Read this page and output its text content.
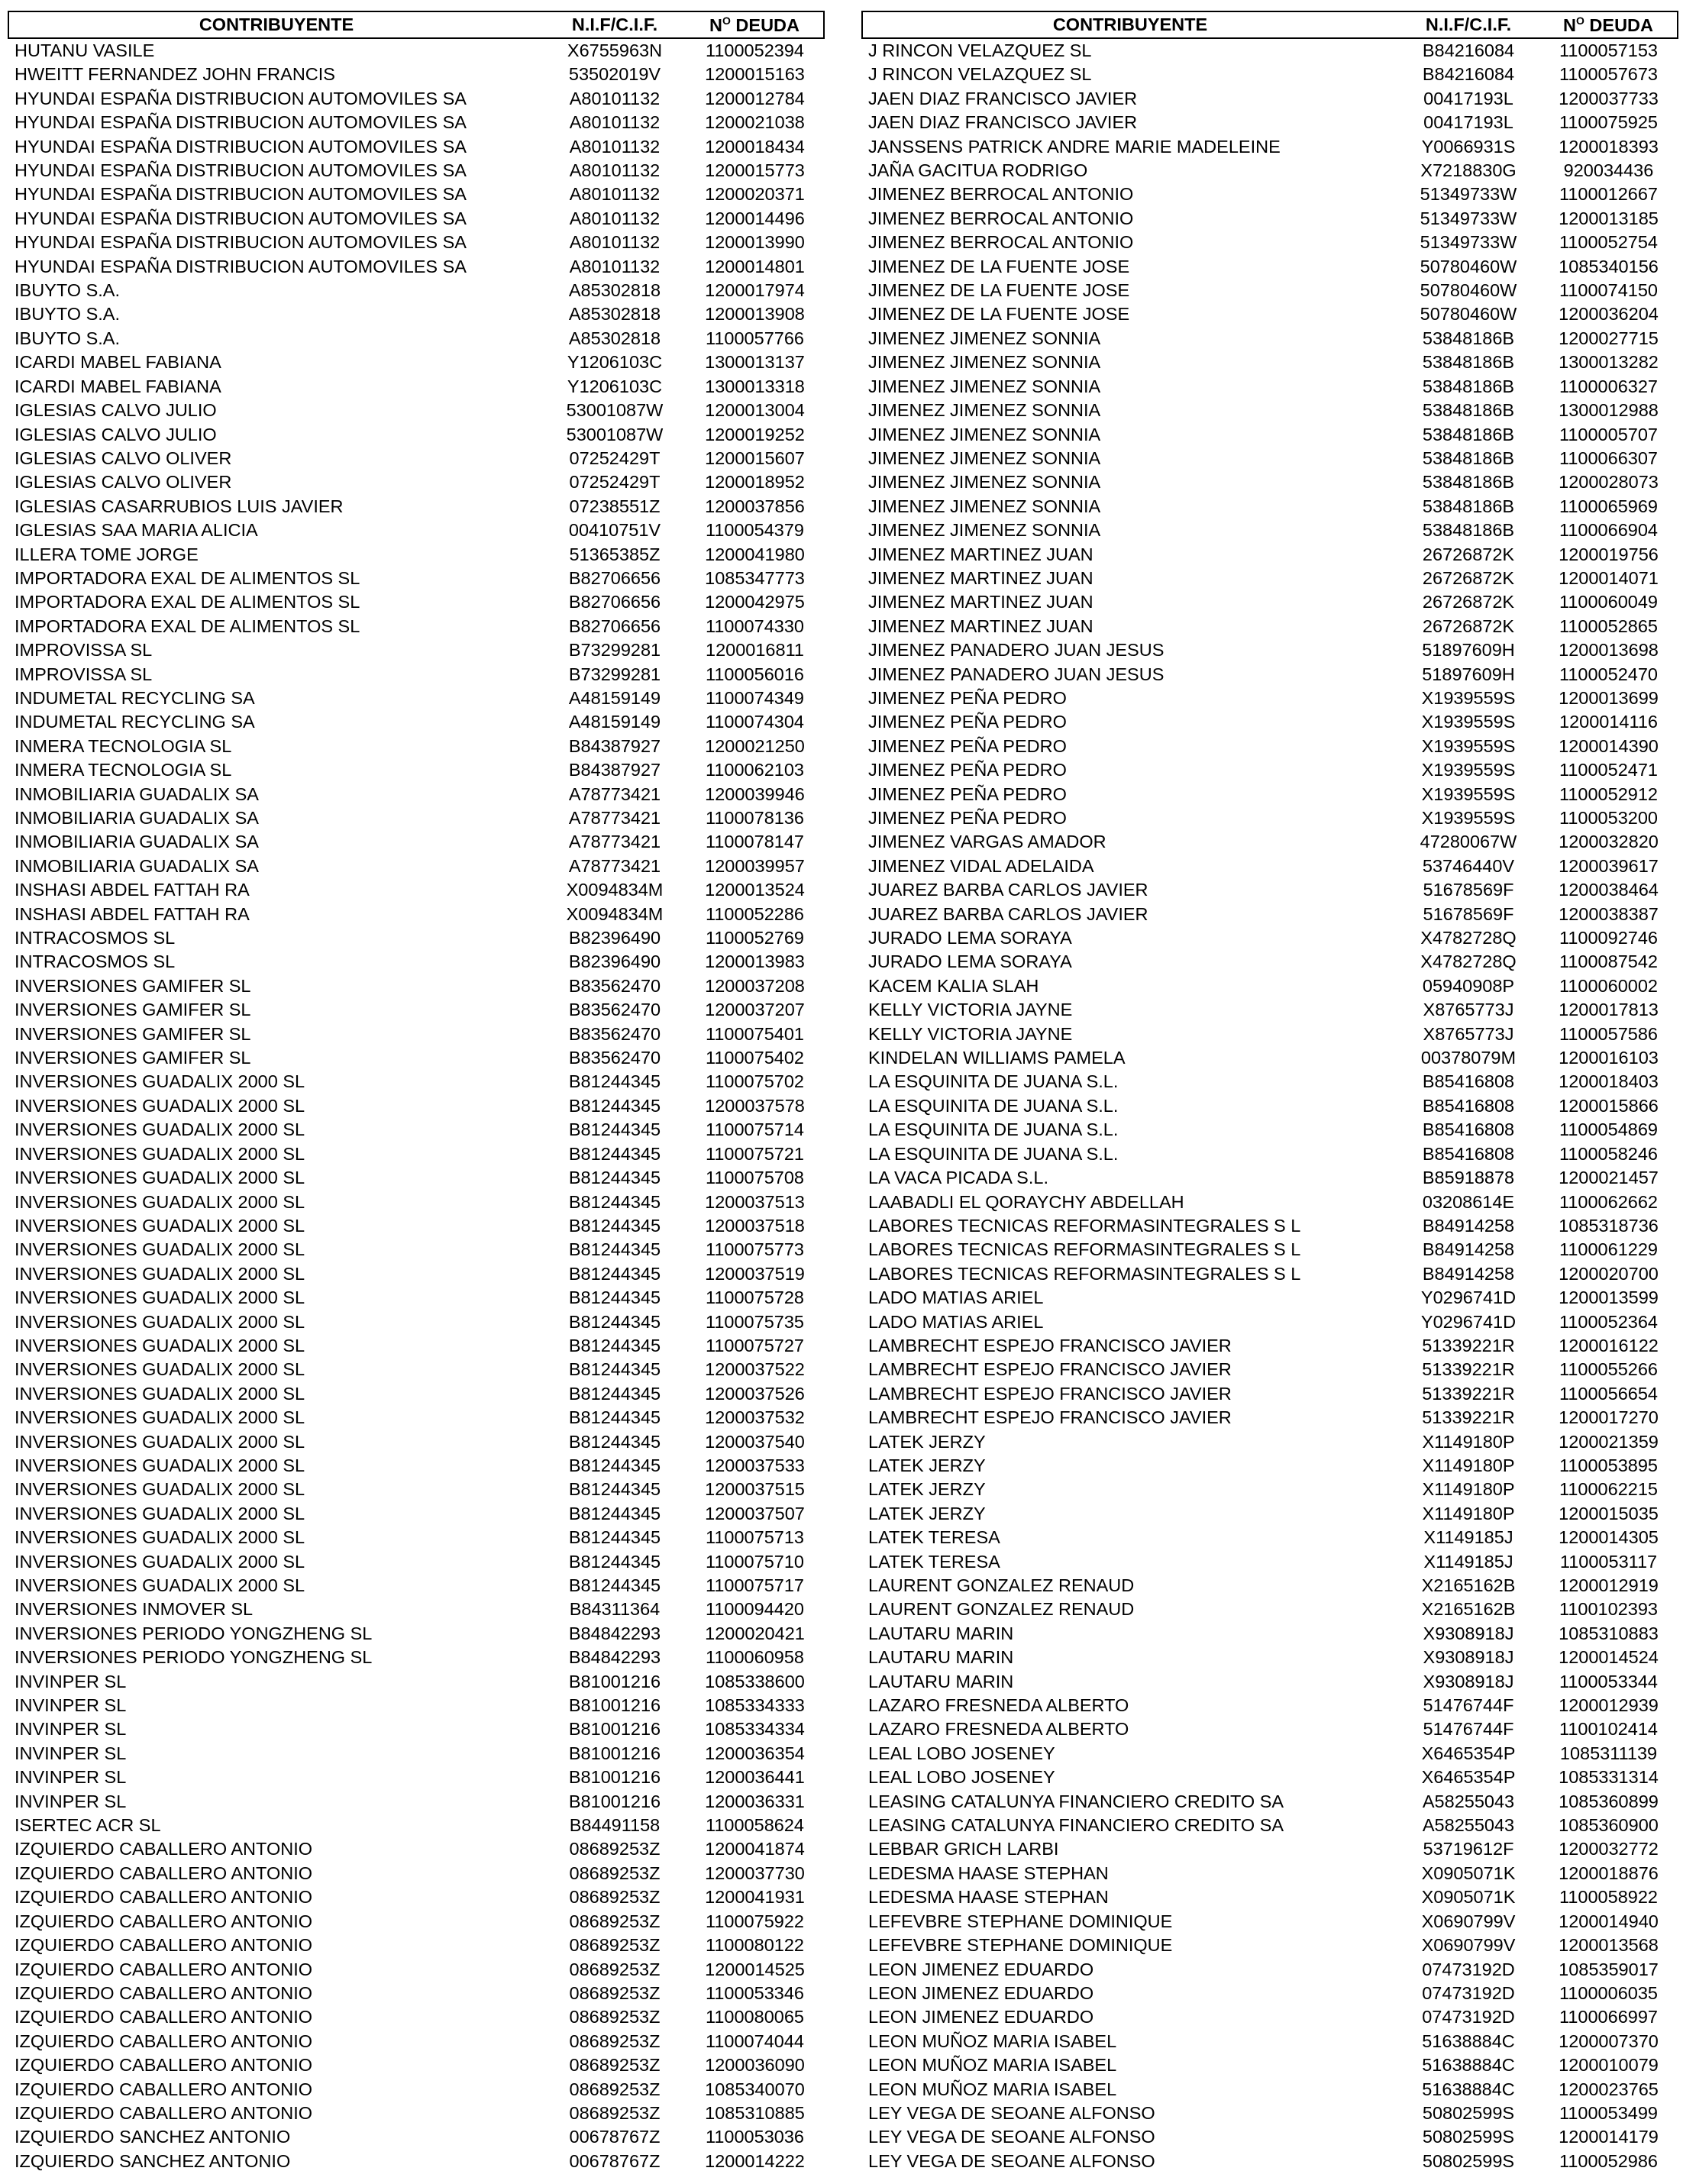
CONTRIBUYENTE	N.I.F/C.I.F.	$N^O$ DEUDA
HUTANU VASILE	X6755963N	1100052394
HWEITT FERNANDEZ JOHN FRANCIS	53502019V	1200015163
HYUNDAI ESPAÑA DISTRIBUCION AUTOMOVILES SA	A80101132	1200012784
HYUNDAI ESPAÑA DISTRIBUCION AUTOMOVILES SA	A80101132	1200021038
HYUNDAI ESPAÑA DISTRIBUCION AUTOMOVILES SA	A80101132	1200018434
HYUNDAI ESPAÑA DISTRIBUCION AUTOMOVILES SA	A80101132	1200015773
HYUNDAI ESPAÑA DISTRIBUCION AUTOMOVILES SA	A80101132	1200020371
HYUNDAI ESPAÑA DISTRIBUCION AUTOMOVILES SA	A80101132	1200014496
HYUNDAI ESPAÑA DISTRIBUCION AUTOMOVILES SA	A80101132	1200013990
HYUNDAI ESPAÑA DISTRIBUCION AUTOMOVILES SA	A80101132	1200014801
IBUYTO S.A.	A85302818	1200017974
IBUYTO S.A.	A85302818	1200013908
IBUYTO S.A.	A85302818	1100057766
ICARDI MABEL FABIANA	Y1206103C	1300013137
ICARDI MABEL FABIANA	Y1206103C	1300013318
IGLESIAS CALVO JULIO	53001087W	1200013004
IGLESIAS CALVO JULIO	53001087W	1200019252
IGLESIAS CALVO OLIVER	07252429T	1200015607
IGLESIAS CALVO OLIVER	07252429T	1200018952
IGLESIAS CASARRUBIOS LUIS JAVIER	07238551Z	1200037856
IGLESIAS SAA MARIA ALICIA	00410751V	1100054379
ILLERA TOME JORGE	51365385Z	1200041980
IMPORTADORA EXAL DE ALIMENTOS SL	B82706656	1085347773
IMPORTADORA EXAL DE ALIMENTOS SL	B82706656	1200042975
IMPORTADORA EXAL DE ALIMENTOS SL	B82706656	1100074330
IMPROVISSA SL	B73299281	1200016811
IMPROVISSA SL	B73299281	1100056016
INDUMETAL RECYCLING SA	A48159149	1100074349
INDUMETAL RECYCLING SA	A48159149	1100074304
INMERA TECNOLOGIA SL	B84387927	1200021250
INMERA TECNOLOGIA SL	B84387927	1100062103
INMOBILIARIA GUADALIX SA	A78773421	1200039946
INMOBILIARIA GUADALIX SA	A78773421	1100078136
INMOBILIARIA GUADALIX SA	A78773421	1100078147
INMOBILIARIA GUADALIX SA	A78773421	1200039957
INSHASI ABDEL FATTAH RA	X0094834M	1200013524
INSHASI ABDEL FATTAH RA	X0094834M	1100052286
INTRACOSMOS SL	B82396490	1100052769
INTRACOSMOS SL	B82396490	1200013983
INVERSIONES GAMIFER SL	B83562470	1200037208
INVERSIONES GAMIFER SL	B83562470	1200037207
INVERSIONES GAMIFER SL	B83562470	1100075401
INVERSIONES GAMIFER SL	B83562470	1100075402
INVERSIONES GUADALIX 2000 SL	B81244345	1100075702
INVERSIONES GUADALIX 2000 SL	B81244345	1200037578
INVERSIONES GUADALIX 2000 SL	B81244345	1100075714
INVERSIONES GUADALIX 2000 SL	B81244345	1100075721
INVERSIONES GUADALIX 2000 SL	B81244345	1100075708
INVERSIONES GUADALIX 2000 SL	B81244345	1200037513
INVERSIONES GUADALIX 2000 SL	B81244345	1200037518
INVERSIONES GUADALIX 2000 SL	B81244345	1100075773
INVERSIONES GUADALIX 2000 SL	B81244345	1200037519
INVERSIONES GUADALIX 2000 SL	B81244345	1100075728
INVERSIONES GUADALIX 2000 SL	B81244345	1100075735
INVERSIONES GUADALIX 2000 SL	B81244345	1100075727
INVERSIONES GUADALIX 2000 SL	B81244345	1200037522
INVERSIONES GUADALIX 2000 SL	B81244345	1200037526
INVERSIONES GUADALIX 2000 SL	B81244345	1200037532
INVERSIONES GUADALIX 2000 SL	B81244345	1200037540
INVERSIONES GUADALIX 2000 SL	B81244345	1200037533
INVERSIONES GUADALIX 2000 SL	B81244345	1200037515
INVERSIONES GUADALIX 2000 SL	B81244345	1200037507
INVERSIONES GUADALIX 2000 SL	B81244345	1100075713
INVERSIONES GUADALIX 2000 SL	B81244345	1100075710
INVERSIONES GUADALIX 2000 SL	B81244345	1100075717
INVERSIONES INMOVER SL	B84311364	1100094420
INVERSIONES PERIODO YONGZHENG SL	B84842293	1200020421
INVERSIONES PERIODO YONGZHENG SL	B84842293	1100060958
INVINPER SL	B81001216	1085338600
INVINPER SL	B81001216	1085334333
INVINPER SL	B81001216	1085334334
INVINPER SL	B81001216	1200036354
INVINPER SL	B81001216	1200036441
INVINPER SL	B81001216	1200036331
ISERTEC ACR SL	B84491158	1100058624
IZQUIERDO CABALLERO ANTONIO	08689253Z	1200041874
IZQUIERDO CABALLERO ANTONIO	08689253Z	1200037730
IZQUIERDO CABALLERO ANTONIO	08689253Z	1200041931
IZQUIERDO CABALLERO ANTONIO	08689253Z	1100075922
IZQUIERDO CABALLERO ANTONIO	08689253Z	1100080122
IZQUIERDO CABALLERO ANTONIO	08689253Z	1200014525
IZQUIERDO CABALLERO ANTONIO	08689253Z	1100053346
IZQUIERDO CABALLERO ANTONIO	08689253Z	1100080065
IZQUIERDO CABALLERO ANTONIO	08689253Z	1100074044
IZQUIERDO CABALLERO ANTONIO	08689253Z	1200036090
IZQUIERDO CABALLERO ANTONIO	08689253Z	1085340070
IZQUIERDO CABALLERO ANTONIO	08689253Z	1085310885
IZQUIERDO SANCHEZ ANTONIO	00678767Z	1100053036
IZQUIERDO SANCHEZ ANTONIO	00678767Z	1200014222
CONTRIBUYENTE	N.I.F/C.I.F.	$N^O$ DEUDA
J RINCON VELAZQUEZ SL	B84216084	1100057153
J RINCON VELAZQUEZ SL	B84216084	1100057673
JAEN DIAZ FRANCISCO JAVIER	00417193L	1200037733
JAEN DIAZ FRANCISCO JAVIER	00417193L	1100075925
JANSSENS PATRICK ANDRE MARIE MADELEINE	Y0066931S	1200018393
JAÑA GACITUA RODRIGO	X7218830G	920034436
JIMENEZ BERROCAL ANTONIO	51349733W	1100012667
JIMENEZ BERROCAL ANTONIO	51349733W	1200013185
JIMENEZ BERROCAL ANTONIO	51349733W	1100052754
JIMENEZ DE LA FUENTE JOSE	50780460W	1085340156
JIMENEZ DE LA FUENTE JOSE	50780460W	1100074150
JIMENEZ DE LA FUENTE JOSE	50780460W	1200036204
JIMENEZ JIMENEZ SONNIA	53848186B	1200027715
JIMENEZ JIMENEZ SONNIA	53848186B	1300013282
JIMENEZ JIMENEZ SONNIA	53848186B	1100006327
JIMENEZ JIMENEZ SONNIA	53848186B	1300012988
JIMENEZ JIMENEZ SONNIA	53848186B	1100005707
JIMENEZ JIMENEZ SONNIA	53848186B	1100066307
JIMENEZ JIMENEZ SONNIA	53848186B	1200028073
JIMENEZ JIMENEZ SONNIA	53848186B	1100065969
JIMENEZ JIMENEZ SONNIA	53848186B	1100066904
JIMENEZ MARTINEZ JUAN	26726872K	1200019756
JIMENEZ MARTINEZ JUAN	26726872K	1200014071
JIMENEZ MARTINEZ JUAN	26726872K	1100060049
JIMENEZ MARTINEZ JUAN	26726872K	1100052865
JIMENEZ PANADERO JUAN JESUS	51897609H	1200013698
JIMENEZ PANADERO JUAN JESUS	51897609H	1100052470
JIMENEZ PEÑA PEDRO	X1939559S	1200013699
JIMENEZ PEÑA PEDRO	X1939559S	1200014116
JIMENEZ PEÑA PEDRO	X1939559S	1200014390
JIMENEZ PEÑA PEDRO	X1939559S	1100052471
JIMENEZ PEÑA PEDRO	X1939559S	1100052912
JIMENEZ PEÑA PEDRO	X1939559S	1100053200
JIMENEZ VARGAS AMADOR	47280067W	1200032820
JIMENEZ VIDAL ADELAIDA	53746440V	1200039617
JUAREZ BARBA CARLOS JAVIER	51678569F	1200038464
JUAREZ BARBA CARLOS JAVIER	51678569F	1200038387
JURADO LEMA SORAYA	X4782728Q	1100092746
JURADO LEMA SORAYA	X4782728Q	1100087542
KACEM KALIA SLAH	05940908P	1100060002
KELLY VICTORIA JAYNE	X8765773J	1200017813
KELLY VICTORIA JAYNE	X8765773J	1100057586
KINDELAN WILLIAMS PAMELA	00378079M	1200016103
LA ESQUINITA DE JUANA S.L.	B85416808	1200018403
LA ESQUINITA DE JUANA S.L.	B85416808	1200015866
LA ESQUINITA DE JUANA S.L.	B85416808	1100054869
LA ESQUINITA DE JUANA S.L.	B85416808	1100058246
LA VACA PICADA S.L.	B85918878	1200021457
LAABADLI EL QORAYCHY ABDELLAH	03208614E	1100062662
LABORES TECNICAS REFORMASINTEGRALES S L	B84914258	1085318736
LABORES TECNICAS REFORMASINTEGRALES S L	B84914258	1100061229
LABORES TECNICAS REFORMASINTEGRALES S L	B84914258	1200020700
LADO MATIAS ARIEL	Y0296741D	1200013599
LADO MATIAS ARIEL	Y0296741D	1100052364
LAMBRECHT ESPEJO FRANCISCO JAVIER	51339221R	1200016122
LAMBRECHT ESPEJO FRANCISCO JAVIER	51339221R	1100055266
LAMBRECHT ESPEJO FRANCISCO JAVIER	51339221R	1100056654
LAMBRECHT ESPEJO FRANCISCO JAVIER	51339221R	1200017270
LATEK JERZY	X1149180P	1200021359
LATEK JERZY	X1149180P	1100053895
LATEK JERZY	X1149180P	1100062215
LATEK JERZY	X1149180P	1200015035
LATEK TERESA	X1149185J	1200014305
LATEK TERESA	X1149185J	1100053117
LAURENT GONZALEZ RENAUD	X2165162B	1200012919
LAURENT GONZALEZ RENAUD	X2165162B	1100102393
LAUTARU MARIN	X9308918J	1085310883
LAUTARU MARIN	X9308918J	1200014524
LAUTARU MARIN	X9308918J	1100053344
LAZARO FRESNEDA ALBERTO	51476744F	1200012939
LAZARO FRESNEDA ALBERTO	51476744F	1100102414
LEAL LOBO JOSENEY	X6465354P	1085311139
LEAL LOBO JOSENEY	X6465354P	1085331314
LEASING CATALUNYA FINANCIERO CREDITO SA	A58255043	1085360899
LEASING CATALUNYA FINANCIERO CREDITO SA	A58255043	1085360900
LEBBAR GRICH LARBI	53719612F	1200032772
LEDESMA HAASE STEPHAN	X0905071K	1200018876
LEDESMA HAASE STEPHAN	X0905071K	1100058922
LEFEVBRE STEPHANE DOMINIQUE	X0690799V	1200014940
LEFEVBRE STEPHANE DOMINIQUE	X0690799V	1200013568
LEON JIMENEZ EDUARDO	07473192D	1085359017
LEON JIMENEZ EDUARDO	07473192D	1100006035
LEON JIMENEZ EDUARDO	07473192D	1100066997
LEON MUÑOZ MARIA ISABEL	51638884C	1200007370
LEON MUÑOZ MARIA ISABEL	51638884C	1200010079
LEON MUÑOZ MARIA ISABEL	51638884C	1200023765
LEY VEGA DE SEOANE ALFONSO	50802599S	1100053499
LEY VEGA DE SEOANE ALFONSO	50802599S	1200014179
LEY VEGA DE SEOANE ALFONSO	50802599S	1100052986
